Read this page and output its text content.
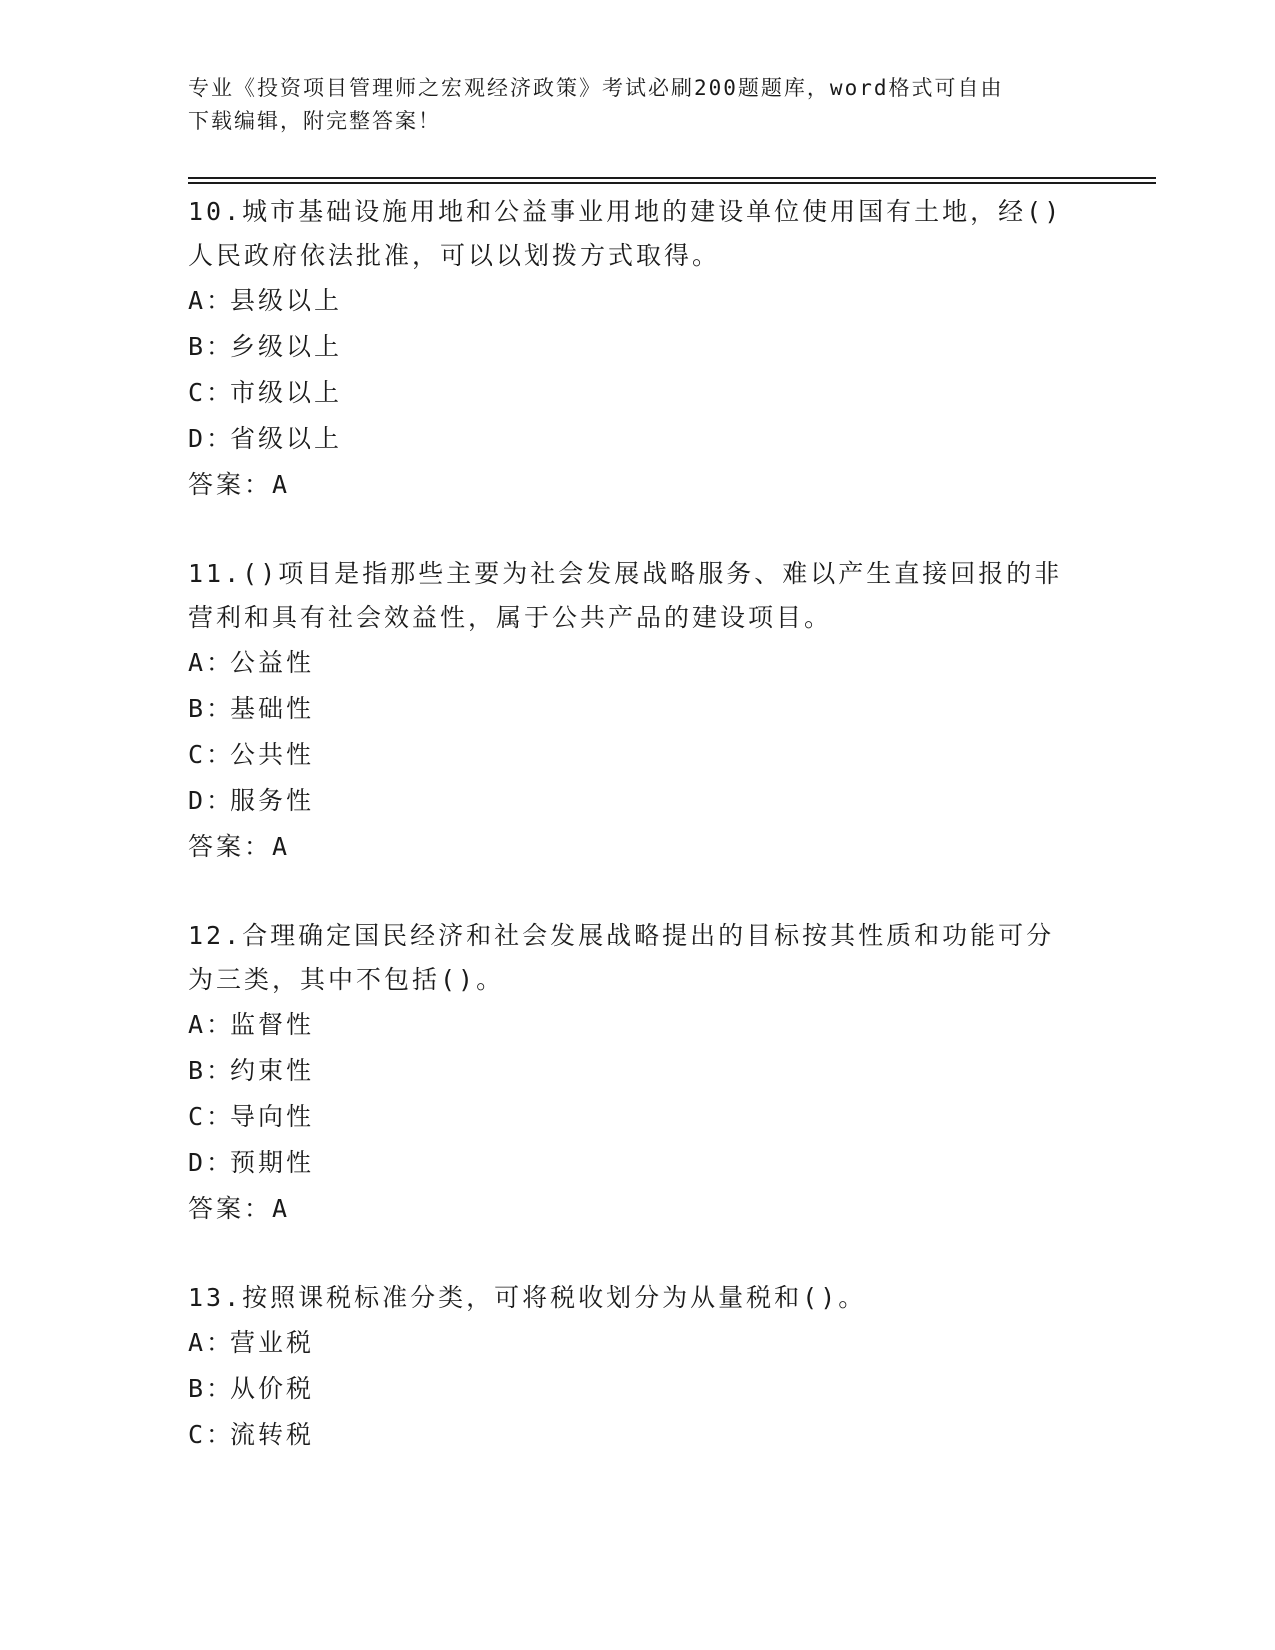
专业《投资项目管理师之宏观经济政策》考试必刷200题题库，word格式可自由
下载编辑，附完整答案！
10.城市基础设施用地和公益事业用地的建设单位使用国有土地，经()
人民政府依法批准，可以以划拨方式取得。
A：县级以上
B：乡级以上
C：市级以上
D：省级以上
答案：A
11.()项目是指那些主要为社会发展战略服务、难以产生直接回报的非
营利和具有社会效益性，属于公共产品的建设项目。
A：公益性
B：基础性
C：公共性
D：服务性
答案：A
12.合理确定国民经济和社会发展战略提出的目标按其性质和功能可分
为三类，其中不包括()。
A：监督性
B：约束性
C：导向性
D：预期性
答案：A
13.按照课税标准分类，可将税收划分为从量税和()。
A：营业税
B：从价税
C：流转税
